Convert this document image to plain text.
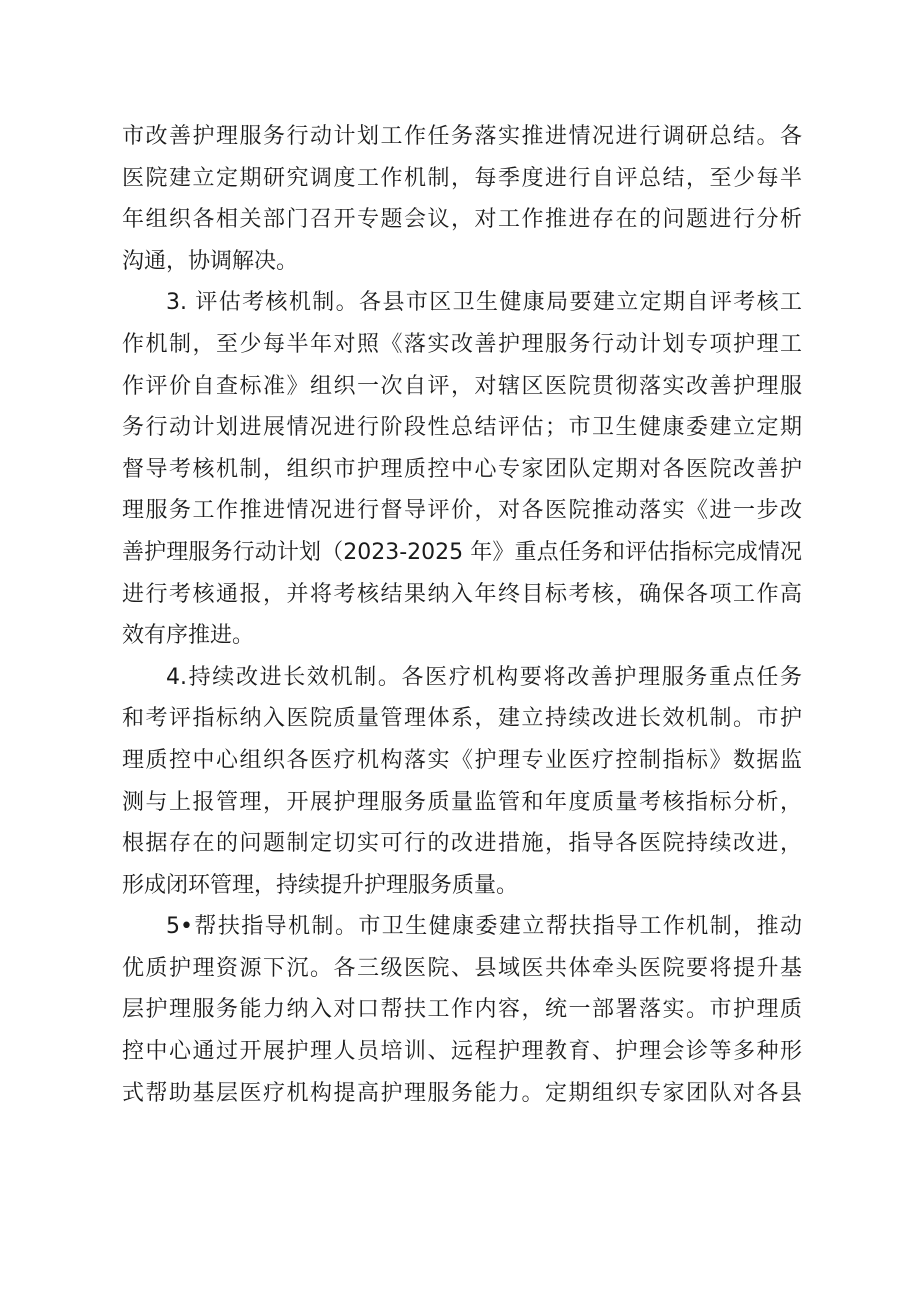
市改善护理服务行动计划工作任务落实推进情况进行调研总结。各
医院建立定期研究调度工作机制，每季度进行自评总结，至少每半
年组织各相关部门召开专题会议，对工作推进存在的问题进行分析
沟通，协调解决。
3. 评估考核机制。各县市区卫生健康局要建立定期自评考核工
作机制，至少每半年对照《落实改善护理服务行动计划专项护理工
作评价自查标准》组织一次自评，对辖区医院贯彻落实改善护理服
务行动计划进展情况进行阶段性总结评估；市卫生健康委建立定期
督导考核机制，组织市护理质控中心专家团队定期对各医院改善护
理服务工作推进情况进行督导评价，对各医院推动落实《进一步改
善护理服务行动计划（2023-2025 年》重点任务和评估指标完成情况
进行考核通报，并将考核结果纳入年终目标考核，确保各项工作高
效有序推进。
4.持续改进长效机制。各医疗机构要将改善护理服务重点任务
和考评指标纳入医院质量管理体系，建立持续改进长效机制。市护
理质控中心组织各医疗机构落实《护理专业医疗控制指标》数据监
测与上报管理，开展护理服务质量监管和年度质量考核指标分析，
根据存在的问题制定切实可行的改进措施，指导各医院持续改进，
形成闭环管理，持续提升护理服务质量。
5•帮扶指导机制。市卫生健康委建立帮扶指导工作机制，推动
优质护理资源下沉。各三级医院、县域医共体牵头医院要将提升基
层护理服务能力纳入对口帮扶工作内容，统一部署落实。市护理质
控中心通过开展护理人员培训、远程护理教育、护理会诊等多种形
式帮助基层医疗机构提高护理服务能力。定期组织专家团队对各县
